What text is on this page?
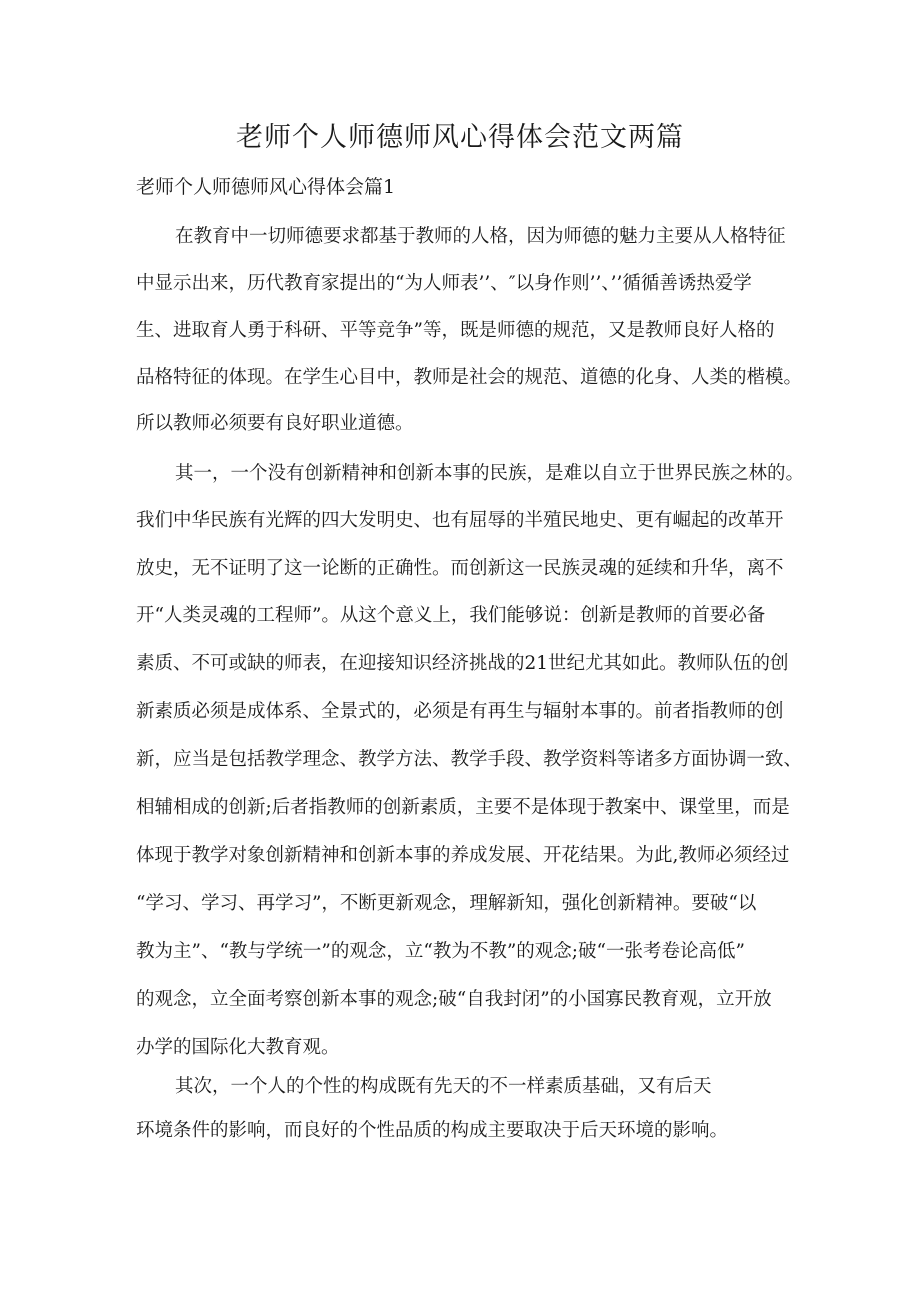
老师个人师德师风心得体会范文两篇
老师个人师德师风心得体会篇1

在教育中一切师德要求都基于教师的人格，因为师德的魅力主要从人格特征

中显示出来，历代教育家提出的“为人师表’’、″以身作则’’、’’循循善诱热爱学

生、进取育人勇于科研、平等竞争”等，既是师德的规范，又是教师良好人格的

品格特征的体现。在学生心目中，教师是社会的规范、道德的化身、人类的楷模。

所以教师必须要有良好职业道德。

其一，一个没有创新精神和创新本事的民族，是难以自立于世界民族之林的。

我们中华民族有光辉的四大发明史、也有屈辱的半殖民地史、更有崛起的改革开

放史，无不证明了这一论断的正确性。而创新这一民族灵魂的延续和升华，离不

开“人类灵魂的工程师”。从这个意义上，我们能够说：创新是教师的首要必备

素质、不可或缺的师表，在迎接知识经济挑战的21世纪尤其如此。教师队伍的创

新素质必须是成体系、全景式的，必须是有再生与辐射本事的。前者指教师的创

新，应当是包括教学理念、教学方法、教学手段、教学资料等诸多方面协调一致、

相辅相成的创新;后者指教师的创新素质，主要不是体现于教案中、课堂里，而是

体现于教学对象创新精神和创新本事的养成发展、开花结果。为此,教师必须经过

“学习、学习、再学习”，不断更新观念，理解新知，强化创新精神。要破“以

教为主”、“教与学统一”的观念，立“教为不教”的观念;破“一张考卷论高低”

的观念，立全面考察创新本事的观念;破“自我封闭”的小国寡民教育观，立开放

办学的国际化大教育观。

其次，一个人的个性的构成既有先天的不一样素质基础，又有后天

环境条件的影响，而良好的个性品质的构成主要取决于后天环境的影响。
